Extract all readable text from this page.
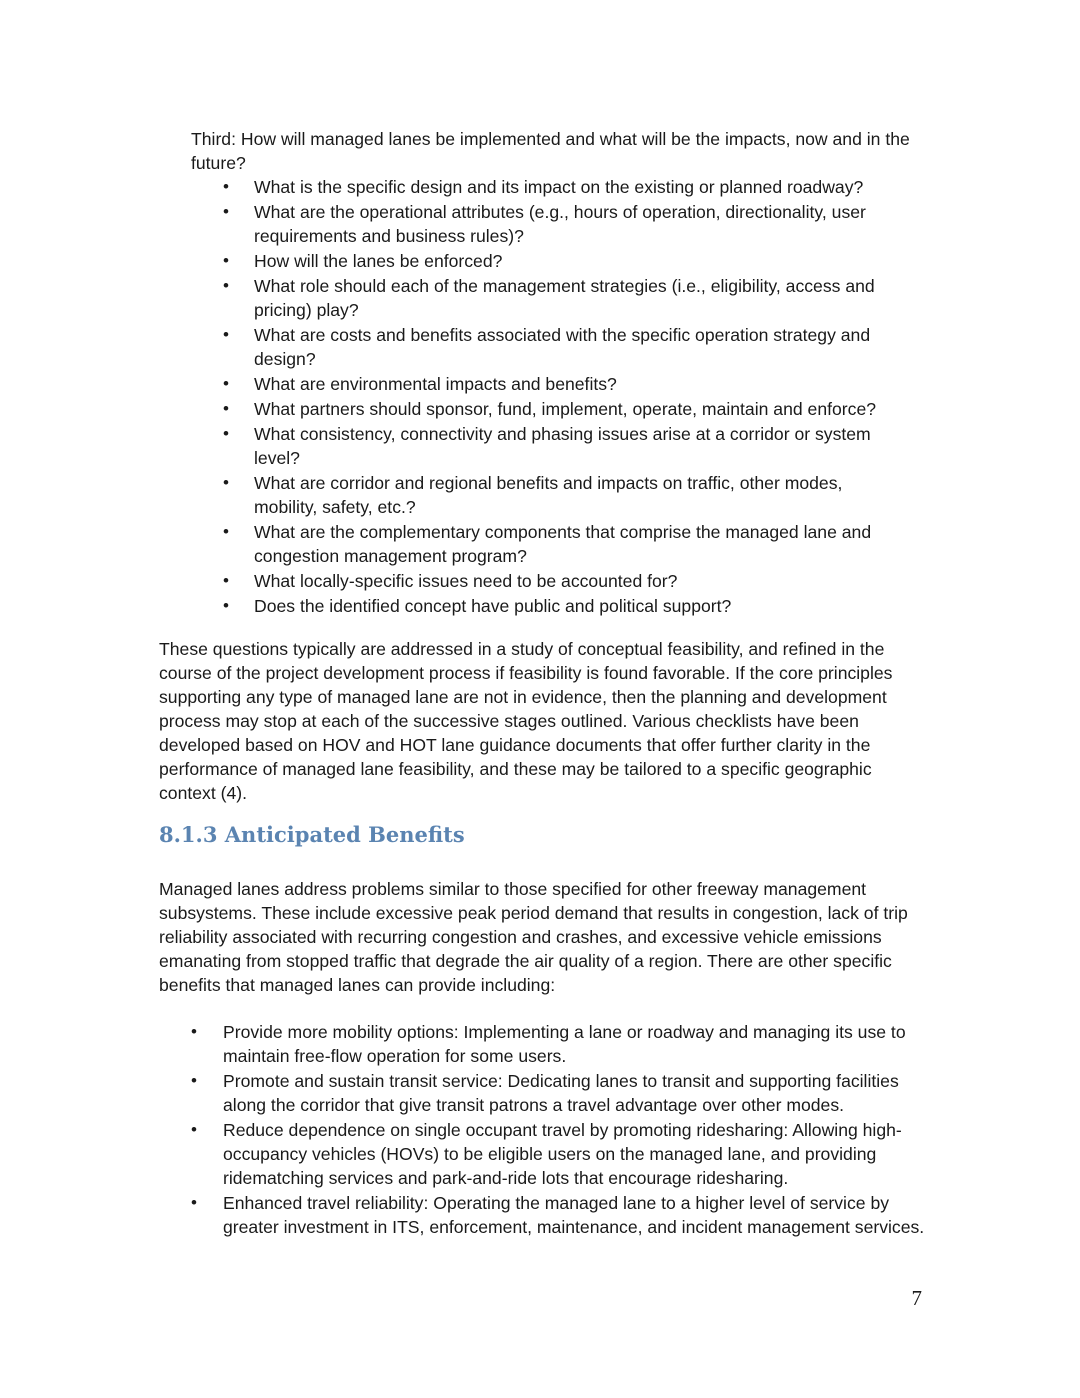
Third: How will managed lanes be implemented and what will be the impacts, now and in the future?

• What is the specific design and its impact on the existing or planned roadway?
• What are the operational attributes (e.g., hours of operation, directionality, user requirements and business rules)?
• How will the lanes be enforced?
• What role should each of the management strategies (i.e., eligibility, access and pricing) play?
• What are costs and benefits associated with the specific operation strategy and design?
• What are environmental impacts and benefits?
• What partners should sponsor, fund, implement, operate, maintain and enforce?
• What consistency, connectivity and phasing issues arise at a corridor or system level?
• What are corridor and regional benefits and impacts on traffic, other modes, mobility, safety, etc.?
• What are the complementary components that comprise the managed lane and congestion management program?
• What locally-specific issues need to be accounted for?
• Does the identified concept have public and political support?

These questions typically are addressed in a study of conceptual feasibility, and refined in the course of the project development process if feasibility is found favorable. If the core principles supporting any type of managed lane are not in evidence, then the planning and development process may stop at each of the successive stages outlined. Various checklists have been developed based on HOV and HOT lane guidance documents that offer further clarity in the performance of managed lane feasibility, and these may be tailored to a specific geographic context (4).

8.1.3 Anticipated Benefits

Managed lanes address problems similar to those specified for other freeway management subsystems. These include excessive peak period demand that results in congestion, lack of trip reliability associated with recurring congestion and crashes, and excessive vehicle emissions emanating from stopped traffic that degrade the air quality of a region. There are other specific benefits that managed lanes can provide including:

• Provide more mobility options: Implementing a lane or roadway and managing its use to maintain free-flow operation for some users.
• Promote and sustain transit service: Dedicating lanes to transit and supporting facilities along the corridor that give transit patrons a travel advantage over other modes.
• Reduce dependence on single occupant travel by promoting ridesharing: Allowing high-occupancy vehicles (HOVs) to be eligible users on the managed lane, and providing ridematching services and park-and-ride lots that encourage ridesharing.
• Enhanced travel reliability: Operating the managed lane to a higher level of service by greater investment in ITS, enforcement, maintenance, and incident management services.
7
